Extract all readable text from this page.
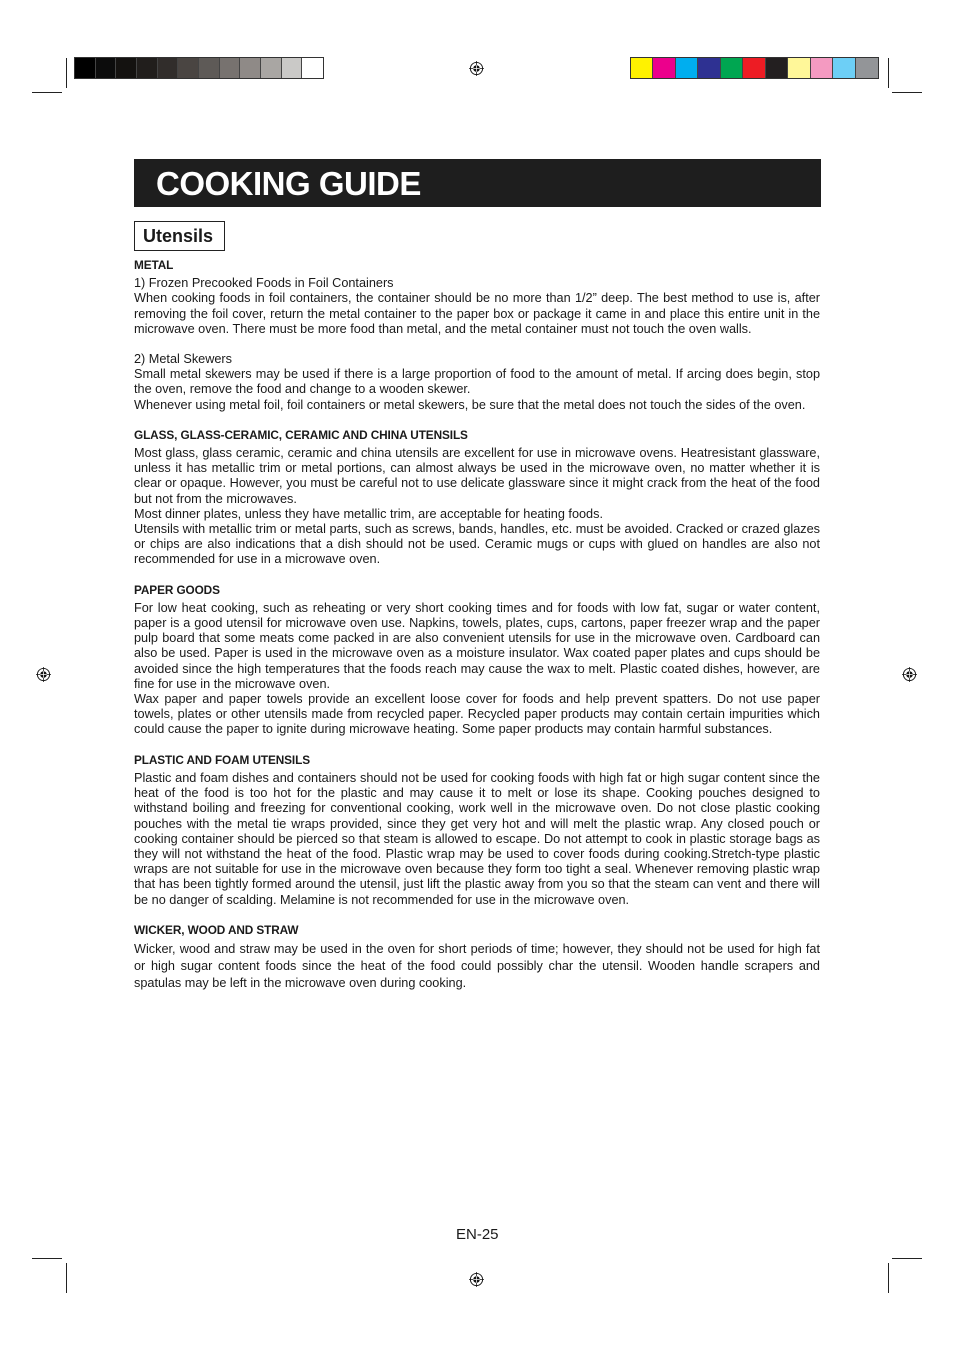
COOKING GUIDE
Utensils
METAL

1) Frozen Precooked Foods in Foil Containers

When cooking foods in foil containers, the container should be no more than 1/2” deep. The best method to use is, after removing the foil cover, return the metal container to the paper box or package it came in and place this entire unit in the microwave oven. There must be more food than metal, and the metal container must not touch the oven walls.

2) Metal Skewers

Small metal skewers may be used if there is a large proportion of food to the amount of metal. If arcing does begin, stop the oven, remove the food and change to a wooden skewer.

Whenever using metal foil, foil containers or metal skewers, be sure that the metal does not touch the sides of the oven.

GLASS, GLASS-CERAMIC, CERAMIC AND CHINA UTENSILS

Most glass, glass ceramic, ceramic and china utensils are excellent for use in microwave ovens. Heatresistant glassware, unless it has metallic trim or metal portions, can almost always be used in the microwave oven, no matter whether it is clear or opaque. However, you must be careful not to use delicate glassware since it might crack from the heat of the food but not from the microwaves.

Most dinner plates, unless they have metallic trim, are acceptable for heating foods.

Utensils with metallic trim or metal parts, such as screws, bands, handles, etc. must be avoided. Cracked or crazed glazes or chips are also indications that a dish should not be used. Ceramic mugs or cups with glued on handles are also not recommended for use in a microwave oven.

PAPER GOODS

For low heat cooking, such as reheating or very short cooking times and for foods with low fat, sugar or water content, paper is a good utensil for microwave oven use. Napkins, towels, plates, cups, cartons, paper freezer wrap and the paper pulp board that some meats come packed in are also convenient utensils for use in the microwave oven. Cardboard can also be used. Paper is used in the microwave oven as a moisture insulator. Wax coated paper plates and cups should be avoided since the high temperatures that the foods reach may cause the wax to melt. Plastic coated dishes, however, are fine for use in the microwave oven.

Wax paper and paper towels provide an excellent loose cover for foods and help prevent spatters. Do not use paper towels, plates or other utensils made from recycled paper. Recycled paper products may contain certain impurities which could cause the paper to ignite during microwave heating. Some paper products may contain harmful substances.

PLASTIC AND FOAM UTENSILS

Plastic and foam dishes and containers should not be used for cooking foods with high fat or high sugar content since the heat of the food is too hot for the plastic and may cause it to melt or lose its shape. Cooking pouches designed to withstand boiling and freezing for conventional cooking, work well in the microwave oven. Do not close plastic cooking pouches with the metal tie wraps provided, since they get very hot and will melt the plastic wrap. Any closed pouch or cooking container should be pierced so that steam is allowed to escape. Do not attempt to cook in plastic storage bags as they will not withstand the heat of the food. Plastic wrap may be used to cover foods during cooking.Stretch-type plastic wraps are not suitable for use in the microwave oven because they form too tight a seal. Whenever removing plastic wrap that has been tightly formed around the utensil, just lift the plastic away from you so that the steam can vent and there will be no danger of scalding. Melamine is not recommended for use in the microwave oven.

WICKER, WOOD AND STRAW

Wicker, wood and straw may be used in the oven for short periods of time; however, they should not be used for high fat or high sugar content foods since the heat of the food could possibly char the utensil. Wooden handle scrapers and spatulas may be left in the microwave oven during cooking.

EN-25
